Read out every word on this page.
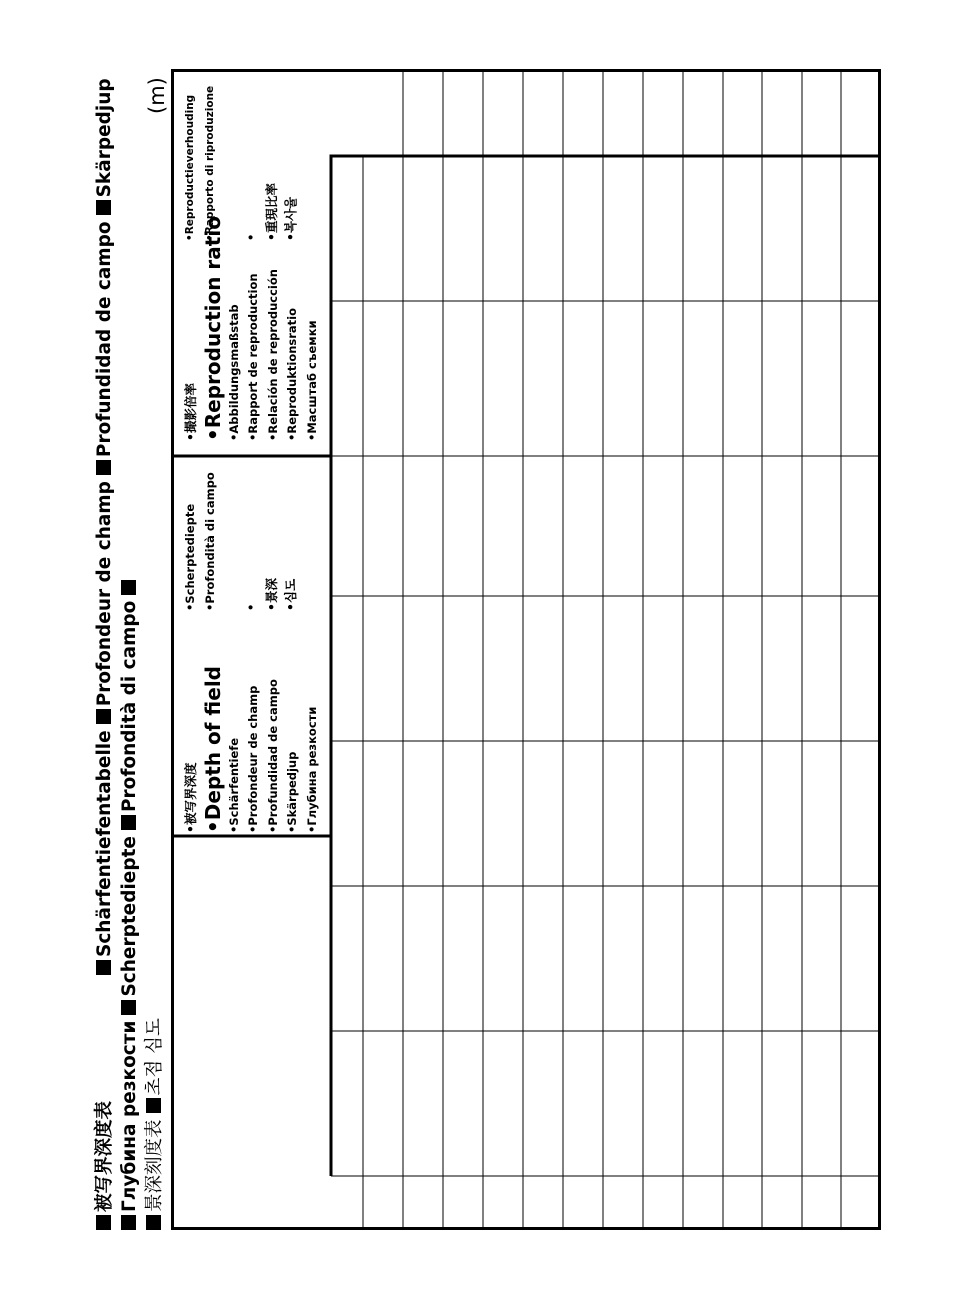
被写界深度表SchärfentiefentabelleProfondeur de champProfundidad de campoSkärpedjup
Глубина резкостиScherptediepteProfondità di campo
景深刻度表초점 심도
(m)
•被写界深度 •Depth of field •Schärfentiefe •Profondeur de champ •Profundidad de campo •Skärpedjup •Глубина резкости
•Scherptediepte •Profondità di campo	• •景深 •심도
•撮影倍率 •Reproduction ratio •Abbildungsmaßstab •Rapport de reproduction •Relación de reproducción •Reproduktionsratio •Масштаб съемки
•Reproductieverhouding •Rapporto di riproduzione	• •重現比率 •복사율
